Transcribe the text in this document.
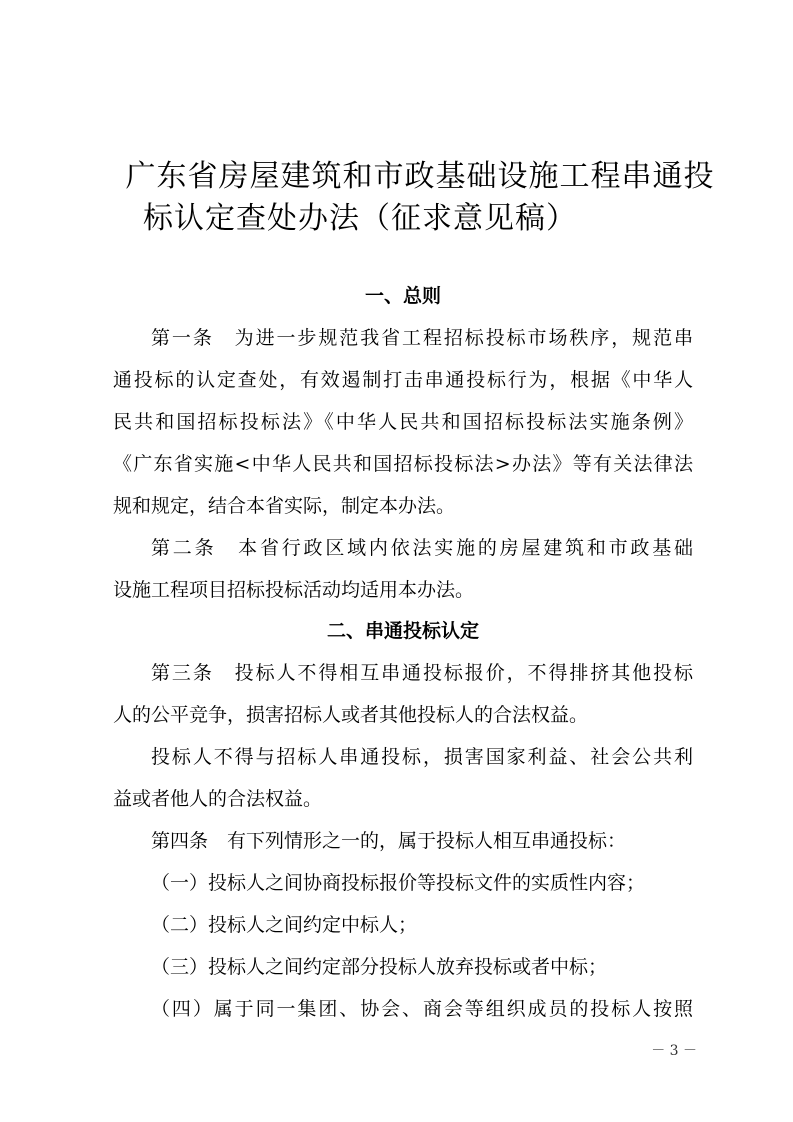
广东省房屋建筑和市政基础设施工程串通投
标认定查处办法（征求意见稿）
一、总则

第一条　为进一步规范我省工程招标投标市场秩序，规范串

通投标的认定查处，有效遏制打击串通投标行为，根据《中华人

民共和国招标投标法》《中华人民共和国招标投标法实施条例》

《广东省实施<中华人民共和国招标投标法>办法》等有关法律法

规和规定，结合本省实际，制定本办法。

第二条　本省行政区域内依法实施的房屋建筑和市政基础

设施工程项目招标投标活动均适用本办法。

二、串通投标认定

第三条　投标人不得相互串通投标报价，不得排挤其他投标

人的公平竞争，损害招标人或者其他投标人的合法权益。

投标人不得与招标人串通投标，损害国家利益、社会公共利

益或者他人的合法权益。

第四条　有下列情形之一的，属于投标人相互串通投标：

（一）投标人之间协商投标报价等投标文件的实质性内容；

（二）投标人之间约定中标人；

（三）投标人之间约定部分投标人放弃投标或者中标；

（四）属于同一集团、协会、商会等组织成员的投标人按照

－ 3 －
